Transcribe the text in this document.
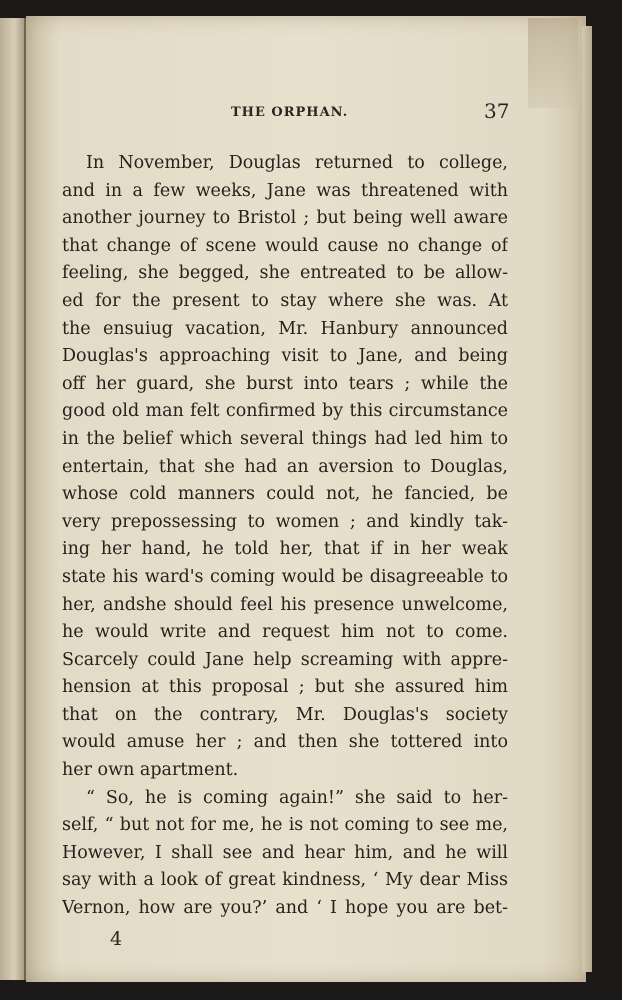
THE ORPHAN.	37
In November, Douglas returned to college,
and in a few weeks, Jane was threatened with
another journey to Bristol ; but being well aware
that change of scene would cause no change of
feeling, she begged, she entreated to be allow-
ed for the present to stay where she was. At
the ensuiug vacation, Mr. Hanbury announced
Douglas's approaching visit to Jane, and being
off her guard, she burst into tears ; while the
good old man felt confirmed by this circumstance
in the belief which several things had led him to
entertain, that she had an aversion to Douglas,
whose cold manners could not, he fancied, be
very prepossessing to women ; and kindly tak-
ing her hand, he told her, that if in her weak
state his ward's coming would be disagreeable to
her, andshe should feel his presence unwelcome,
he would write and request him not to come.
Scarcely could Jane help screaming with appre-
hension at this proposal ; but she assured him
that on the contrary, Mr. Douglas's society
would amuse her ; and then she tottered into
her own apartment.
“ So, he is coming again!” she said to her-
self, “ but not for me, he is not coming to see me,
However, I shall see and hear him, and he will
say with a look of great kindness, ‘ My dear Miss
Vernon, how are you?’ and ‘ I hope you are bet-
4
